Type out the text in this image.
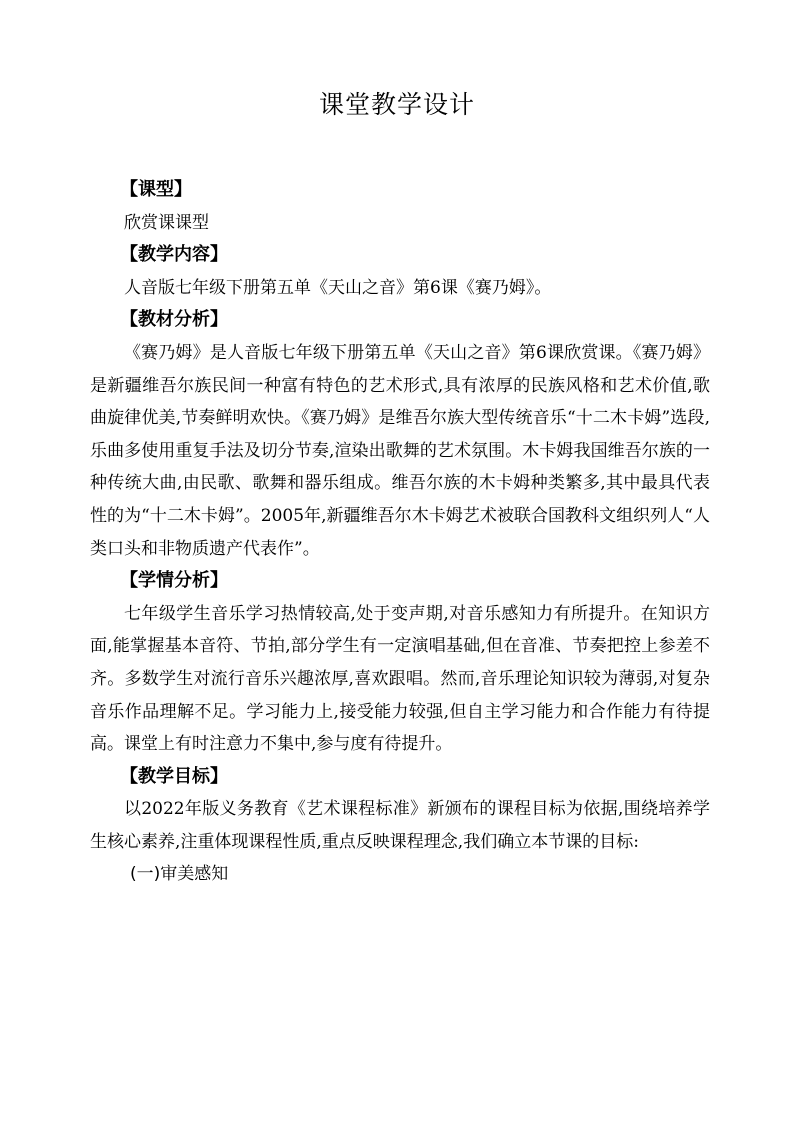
课堂教学设计
【课型】

欣赏课课型

【教学内容】

人音版七年级下册第五单《天山之音》第6课《赛乃姆》。

【教材分析】

《赛乃姆》是人音版七年级下册第五单《天山之音》第6课欣赏课。《赛乃姆》是新疆维吾尔族民间一种富有特色的艺术形式,具有浓厚的民族风格和艺术价值,歌曲旋律优美,节奏鲜明欢快。《赛乃姆》是维吾尔族大型传统音乐“十二木卡姆”选段,乐曲多使用重复手法及切分节奏,渲染出歌舞的艺术氛围。木卡姆我国维吾尔族的一种传统大曲,由民歌、歌舞和器乐组成。维吾尔族的木卡姆种类繁多,其中最具代表性的为“十二木卡姆”。2005年,新疆维吾尔木卡姆艺术被联合国教科文组织列人“人类口头和非物质遗产代表作”。

【学情分析】

七年级学生音乐学习热情较高,处于变声期,对音乐感知力有所提升。在知识方面,能掌握基本音符、节拍,部分学生有一定演唱基础,但在音准、节奏把控上参差不齐。多数学生对流行音乐兴趣浓厚,喜欢跟唱。然而,音乐理论知识较为薄弱,对复杂音乐作品理解不足。学习能力上,接受能力较强,但自主学习能力和合作能力有待提高。课堂上有时注意力不集中,参与度有待提升。

【教学目标】

以2022年版义务教育《艺术课程标准》新颁布的课程目标为依据,围绕培养学生核心素养,注重体现课程性质,重点反映课程理念,我们确立本节课的目标:

(一)审美感知
